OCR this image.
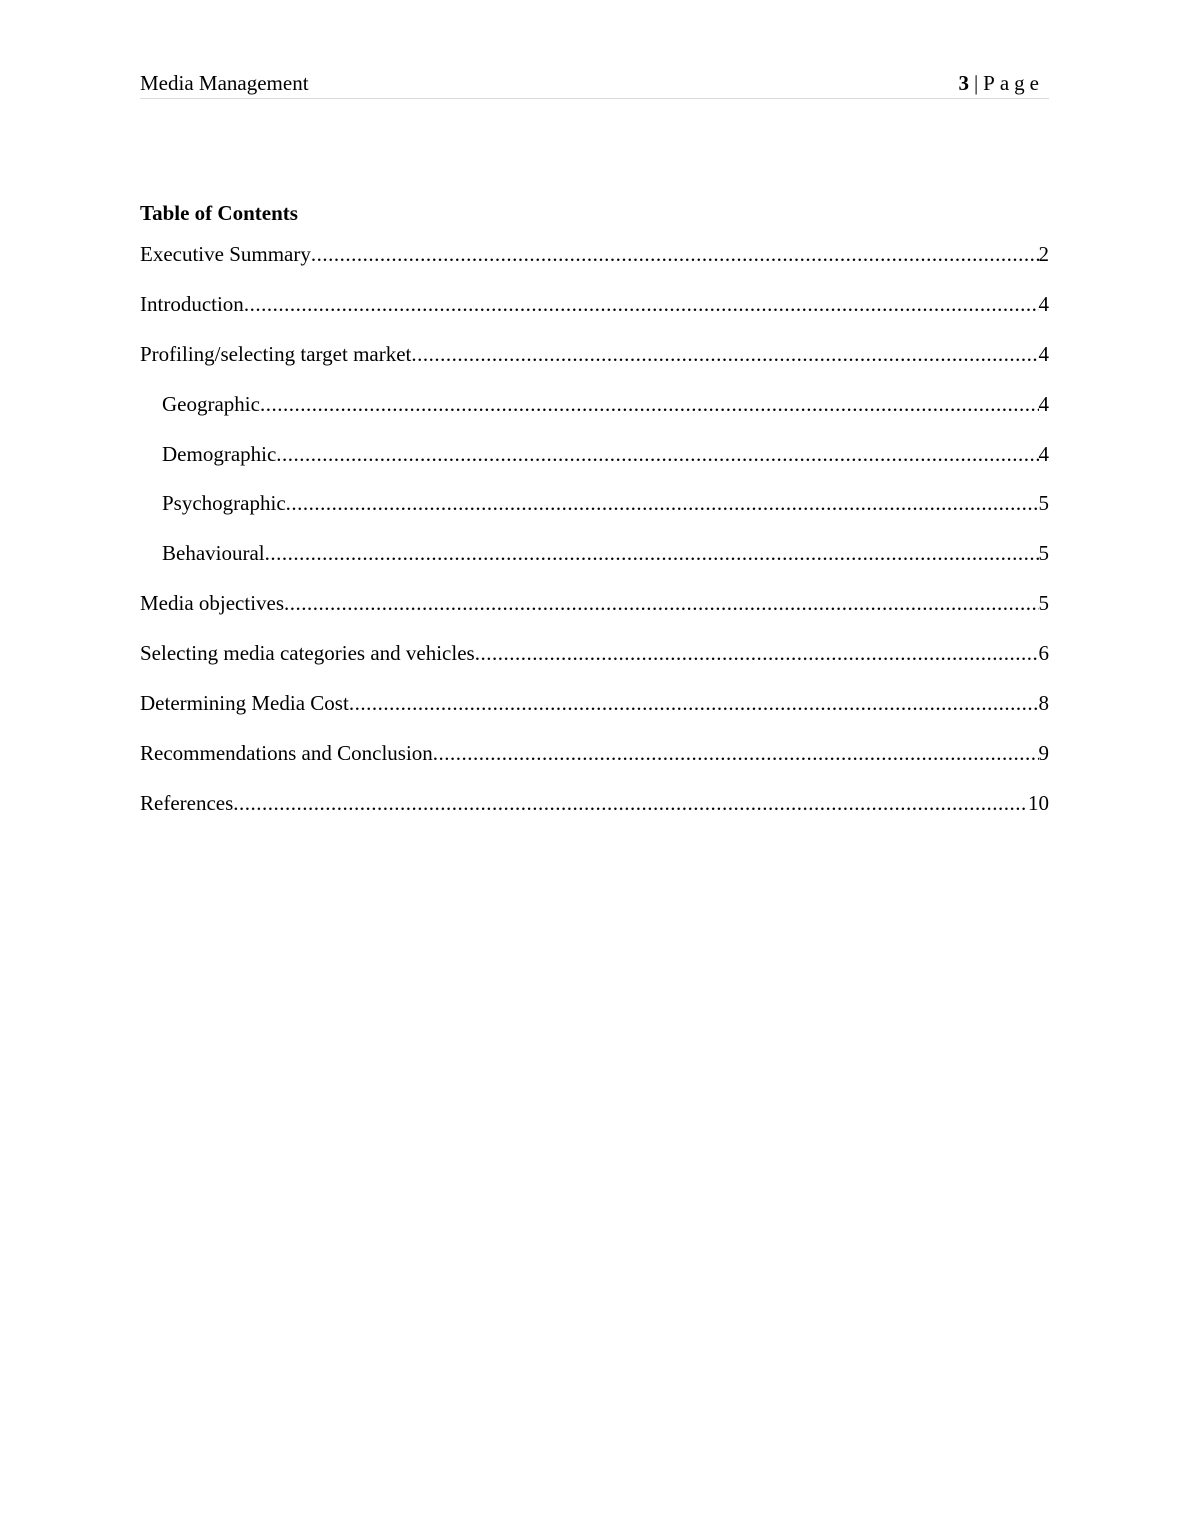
Media Management	3 | Page
Table of Contents
Executive Summary .....	2
Introduction .....	4
Profiling/selecting target market .....	4
Geographic .....	4
Demographic .....	4
Psychographic .....	5
Behavioural .....	5
Media objectives .....	5
Selecting media categories and vehicles .....	6
Determining Media Cost .....	8
Recommendations and Conclusion .....	9
References .....	10
